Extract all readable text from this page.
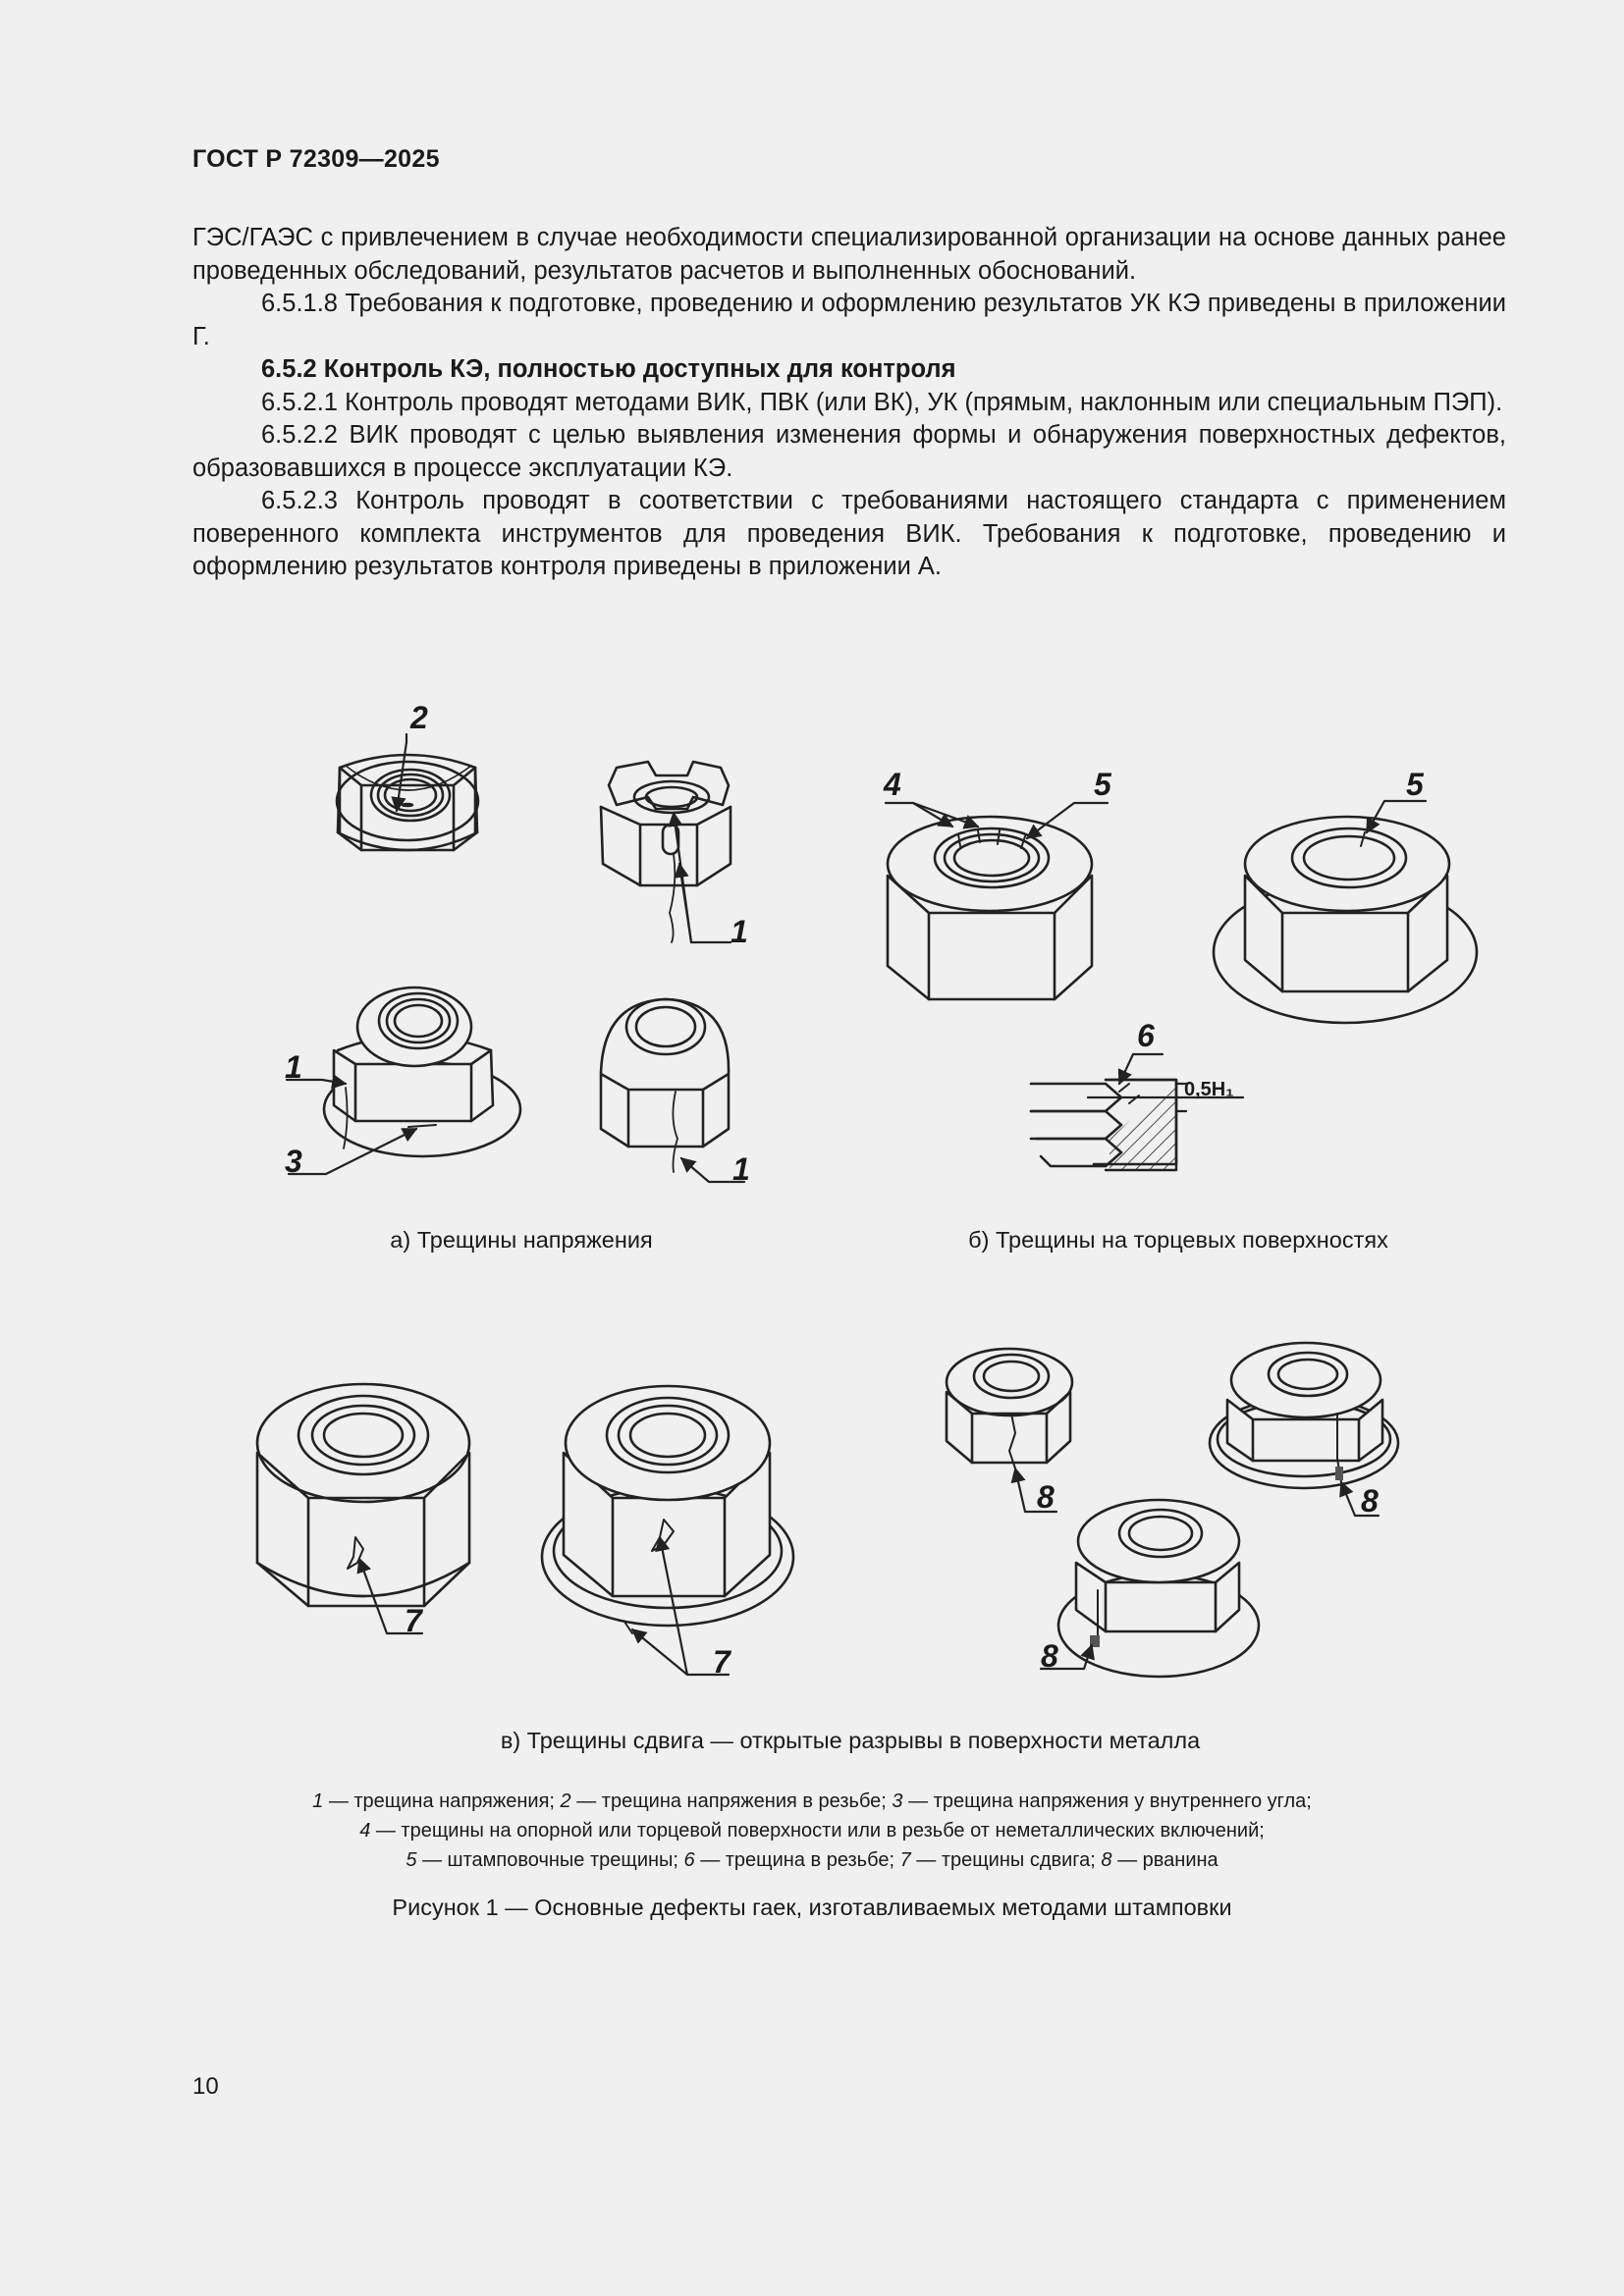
ГОСТ Р 72309—2025

ГЭС/ГАЭС с привлечением в случае необходимости специализированной организации на основе данных ранее проведенных обследований, результатов расчетов и выполненных обоснований.

6.5.1.8 Требования к подготовке, проведению и оформлению результатов УК КЭ приведены в приложении Г.

6.5.2 Контроль КЭ, полностью доступных для контроля

6.5.2.1 Контроль проводят методами ВИК, ПВК (или ВК), УК (прямым, наклонным или специальным ПЭП).

6.5.2.2 ВИК проводят с целью выявления изменения формы и обнаружения поверхностных дефектов, образовавшихся в процессе эксплуатации КЭ.

6.5.2.3 Контроль проводят в соответствии с требованиями настоящего стандарта с применением поверенного комплекта инструментов для проведения ВИК. Требования к подготовке, проведению и оформлению результатов контроля приведены в приложении А.

2
1
1
3	1
4	5	5
6
0,5H₁
7
7
8	8
8
а) Трещины напряжения	б) Трещины на торцевых поверхностях
в) Трещины сдвига — открытые разрывы в поверхности металла
1 — трещина напряжения; 2 — трещина напряжения в резьбе; 3 — трещина напряжения у внутреннего угла;
4 — трещины на опорной или торцевой поверхности или в резьбе от неметаллических включений;
5 — штамповочные трещины; 6 — трещина в резьбе; 7 — трещины сдвига; 8 — рванина
Рисунок 1 — Основные дефекты гаек, изготавливаемых методами штамповки
10
